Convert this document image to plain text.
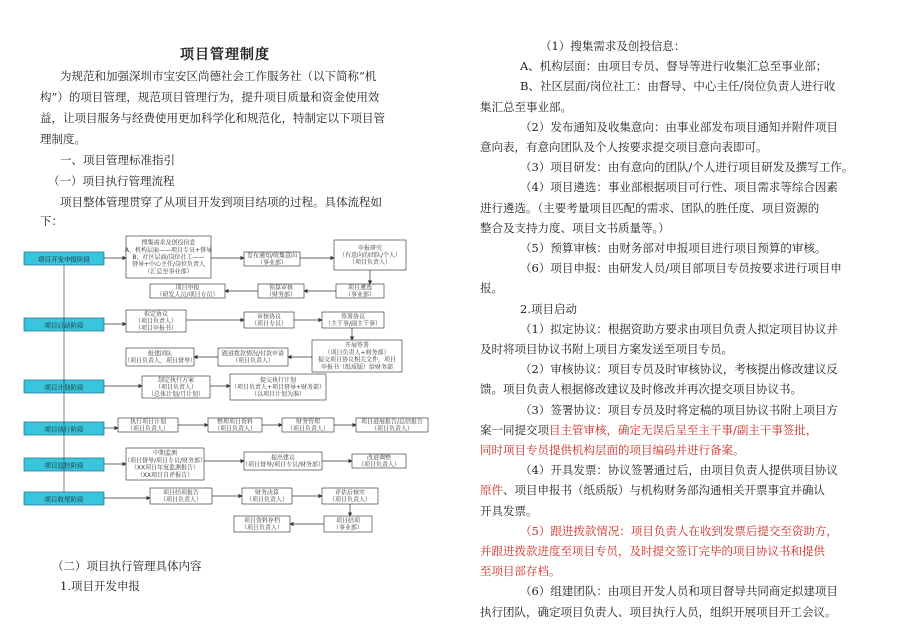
项目管理制度
为规范和加强深圳市宝安区尚德社会工作服务社（以下简称“机
构”）的项目管理，规范项目管理行为，提升项目质量和资金使用效
益，让项目服务与经费使用更加科学化和规范化，特制定以下项目管
理制度。
一、项目管理标准指引
（一）项目执行管理流程
项目整体管理贯穿了从项目开发到项目结项的过程。具体流程如
下：
项目开发申报阶段
项目启动阶段
项目计划阶段
项目执行阶段
项目监控阶段
项目收尾阶段
搜集需求及创投信息
A、机构层面——项目专员+督导
B、社区层面/岗位社工——
督导+中心主任/岗位负责人
（汇总至事业部）
发布通知/收集意向
（事业部）
申报研究
（有意向的团队/个人）
（项目负责人）
项目申报
（研发人员/项目专员）
预算审核
（财务部）
项目遴选
（事业部）
拟定协议
（项目负责人）
（项目申报书）
审核协议
（项目专员）
签署协议
（主干事/副主干事）
组建团队
（项目负责人，项目督导）
跟进拨款情况/付款申请
（项目负责人）
开展签署
（项目负责人+财务部）
提交项目协议相关文件，项目
申报书（纸质版）给财务部
制定执行方案
（项目负责人）
（总体计划/月计划）
提交执行计划
（项目负责人+项目督导+财务部）
（以项目计划为准）
执行项目计划
（项目负责人）
整理项目资料
（项目负责人）
财务管理
（项目负责人）
项目进展报告/总结报告
（项目负责人）
中期监测
（项目督导/项目专员/财务部）
（XX项目年度监测报告）
（XX项目自评报告）
提出建议
（项目督导/项目专员/财务部）
改进调整
（项目负责人）
项目结项报告
（项目负责人）
财务决算
（项目负责人）
评估后核实
（项目负责人）
项目资料存档
（项目负责人）
项目结项
（事业部）
（二）项目执行管理具体内容
1.项目开发申报
（1）搜集需求及创投信息：
A、机构层面：由项目专员、督导等进行收集汇总至事业部；
B、社区层面/岗位社工：由督导、中心主任/岗位负责人进行收
集汇总至事业部。
（2）发布通知及收集意向：由事业部发布项目通知并附件项目
意向表，有意向团队及个人按要求提交项目意向表即可。
（3）项目研发：由有意向的团队/个人进行项目研发及撰写工作。
（4）项目遴选：事业部根据项目可行性、项目需求等综合因素
进行遴选。（主要考量项目匹配的需求、团队的胜任度、项目资源的
整合及支持力度、项目文书质量等。）
（5）预算审核：由财务部对申报项目进行项目预算的审核。
（6）项目申报：由研发人员/项目部项目专员按要求进行项目申
报。
2.项目启动
（1）拟定协议：根据资助方要求由项目负责人拟定项目协议并
及时将项目协议书附上项目方案发送至项目专员。
（2）审核协议：项目专员及时审核协议，考核提出修改建议反
馈。项目负责人根据修改建议及时修改并再次提交项目协议书。
（3）签署协议：项目专员及时将定稿的项目协议书附上项目方
案一同提交项目主管审核，确定无误后呈至主干事/副主干事签批，
同时项目专员提供机构层面的项目编码并进行备案。
（4）开具发票：协议签署通过后，由项目负责人提供项目协议
原件、项目申报书（纸质版）与机构财务部沟通相关开票事宜并确认
开具发票。
（5）跟进拨款情况：项目负责人在收到发票后提交至资助方，
并跟进拨款进度至项目专员，及时提交签订完毕的项目协议书和提供
至项目部存档。
（6）组建团队：由项目开发人员和项目督导共同商定拟建项目
执行团队，确定项目负责人、项目执行人员，组织开展项目开工会议。
